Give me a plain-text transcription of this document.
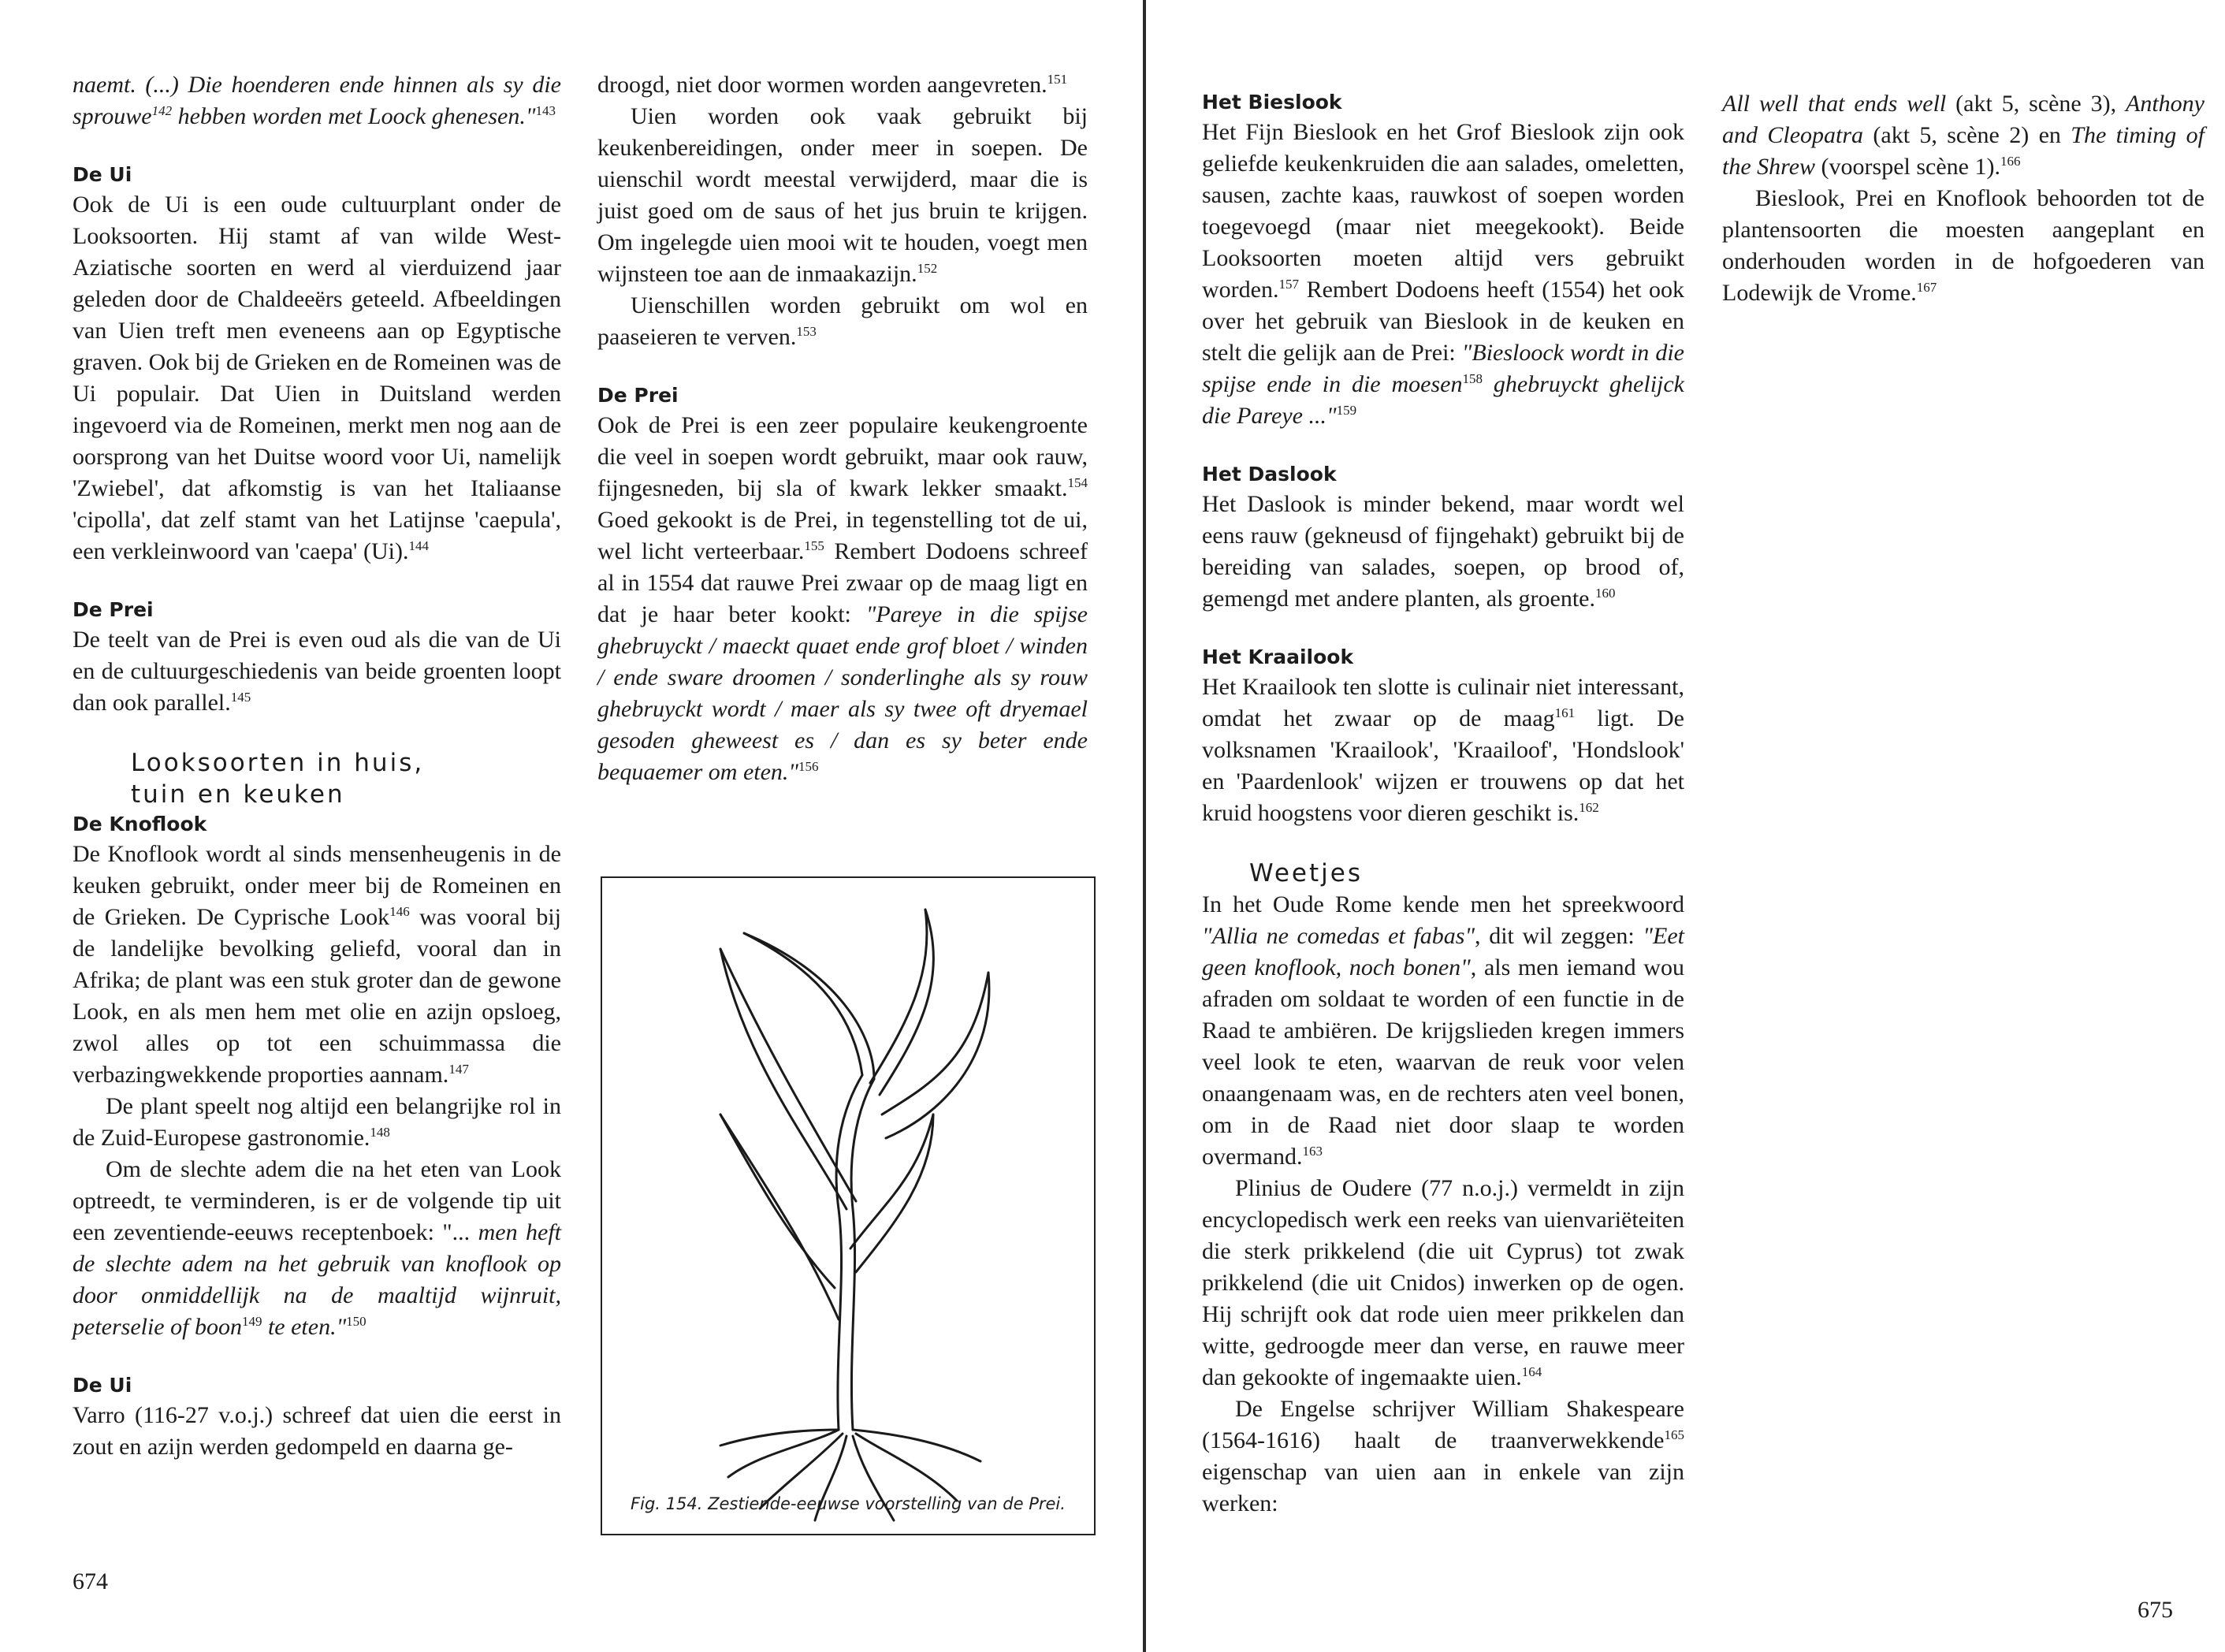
naemt. (...) Die hoenderen ende hinnen als sy die sprouwe$^{142}$ hebben worden met Loock ghenesen."$^{143}$

De Ui

Ook de Ui is een oude cultuurplant onder de Looksoorten. Hij stamt af van wilde West-Aziatische soorten en werd al vierduizend jaar geleden door de Chaldeeërs geteeld. Afbeeldingen van Uien treft men eveneens aan op Egyptische graven. Ook bij de Grieken en de Romeinen was de Ui populair. Dat Uien in Duitsland werden ingevoerd via de Romeinen, merkt men nog aan de oorsprong van het Duitse woord voor Ui, namelijk 'Zwiebel', dat afkomstig is van het Italiaanse 'cipolla', dat zelf stamt van het Latijnse 'caepula', een verkleinwoord van 'caepa' (Ui).$^{144}$

De Prei

De teelt van de Prei is even oud als die van de Ui en de cultuurgeschiedenis van beide groenten loopt dan ook parallel.$^{145}$

Looksoorten in huis,

tuin en keuken

De Knoflook

De Knoflook wordt al sinds mensenheugenis in de keuken gebruikt, onder meer bij de Romeinen en de Grieken. De Cyprische Look$^{146}$ was vooral bij de landelijke bevolking geliefd, vooral dan in Afrika; de plant was een stuk groter dan de gewone Look, en als men hem met olie en azijn opsloeg, zwol alles op tot een schuimmassa die verbazingwekkende proporties aannam.$^{147}$

De plant speelt nog altijd een belangrijke rol in de Zuid-Europese gastronomie.$^{148}$

Om de slechte adem die na het eten van Look optreedt, te verminderen, is er de volgende tip uit een zeventiende-eeuws receptenboek: "... men heft de slechte adem na het gebruik van knoflook op door onmiddellijk na de maaltijd wijnruit, peterselie of boon$^{149}$ te eten."$^{150}$

De Ui

Varro (116-27 v.o.j.) schreef dat uien die eerst in zout en azijn werden gedompeld en daarna ge-

674

droogd, niet door wormen worden aangevreten.$^{151}$

Uien worden ook vaak gebruikt bij keukenbereidingen, onder meer in soepen. De uienschil wordt meestal verwijderd, maar die is juist goed om de saus of het jus bruin te krijgen. Om ingelegde uien mooi wit te houden, voegt men wijnsteen toe aan de inmaakazijn.$^{152}$

Uienschillen worden gebruikt om wol en paaseieren te verven.$^{153}$

De Prei

Ook de Prei is een zeer populaire keukengroente die veel in soepen wordt gebruikt, maar ook rauw, fijngesneden, bij sla of kwark lekker smaakt.$^{154}$ Goed gekookt is de Prei, in tegenstelling tot de ui, wel licht verteerbaar.$^{155}$ Rembert Dodoens schreef al in 1554 dat rauwe Prei zwaar op de maag ligt en dat je haar beter kookt: "Pareye in die spijse ghebruyckt / maeckt quaet ende grof bloet / winden / ende sware droomen / sonderlinghe als sy rouw ghebruyckt wordt / maer als sy twee oft dryemael gesoden gheweest es / dan es sy beter ende bequaemer om eten."$^{156}$

Fig. 154. Zestiende-eeuwse voorstelling van de Prei.

Het Bieslook

Het Fijn Bieslook en het Grof Bieslook zijn ook geliefde keukenkruiden die aan salades, omeletten, sausen, zachte kaas, rauwkost of soepen worden toegevoegd (maar niet meegekookt). Beide Looksoorten moeten altijd vers gebruikt worden.$^{157}$ Rembert Dodoens heeft (1554) het ook over het gebruik van Bieslook in de keuken en stelt die gelijk aan de Prei: "Biesloock wordt in die spijse ende in die moesen$^{158}$ ghebruyckt ghelijck die Pareye ..."$^{159}$

Het Daslook

Het Daslook is minder bekend, maar wordt wel eens rauw (gekneusd of fijngehakt) gebruikt bij de bereiding van salades, soepen, op brood of, gemengd met andere planten, als groente.$^{160}$

Het Kraailook

Het Kraailook ten slotte is culinair niet interessant, omdat het zwaar op de maag$^{161}$ ligt. De volksnamen 'Kraailook', 'Kraailoof', 'Hondslook' en 'Paardenlook' wijzen er trouwens op dat het kruid hoogstens voor dieren geschikt is.$^{162}$

Weetjes

In het Oude Rome kende men het spreekwoord "Allia ne comedas et fabas", dit wil zeggen: "Eet geen knoflook, noch bonen", als men iemand wou afraden om soldaat te worden of een functie in de Raad te ambiëren. De krijgslieden kregen immers veel look te eten, waarvan de reuk voor velen onaangenaam was, en de rechters aten veel bonen, om in de Raad niet door slaap te worden overmand.$^{163}$

Plinius de Oudere (77 n.o.j.) vermeldt in zijn encyclopedisch werk een reeks van uienvariëteiten die sterk prikkelend (die uit Cyprus) tot zwak prikkelend (die uit Cnidos) inwerken op de ogen. Hij schrijft ook dat rode uien meer prikkelen dan witte, gedroogde meer dan verse, en rauwe meer dan gekookte of ingemaakte uien.$^{164}$

De Engelse schrijver William Shakespeare (1564-1616) haalt de traanverwekkende$^{165}$ eigenschap van uien aan in enkele van zijn werken:

All well that ends well (akt 5, scène 3), Anthony and Cleopatra (akt 5, scène 2) en The timing of the Shrew (voorspel scène 1).$^{166}$

Bieslook, Prei en Knoflook behoorden tot de plantensoorten die moesten aangeplant en onderhouden worden in de hofgoederen van Lodewijk de Vrome.$^{167}$

675
